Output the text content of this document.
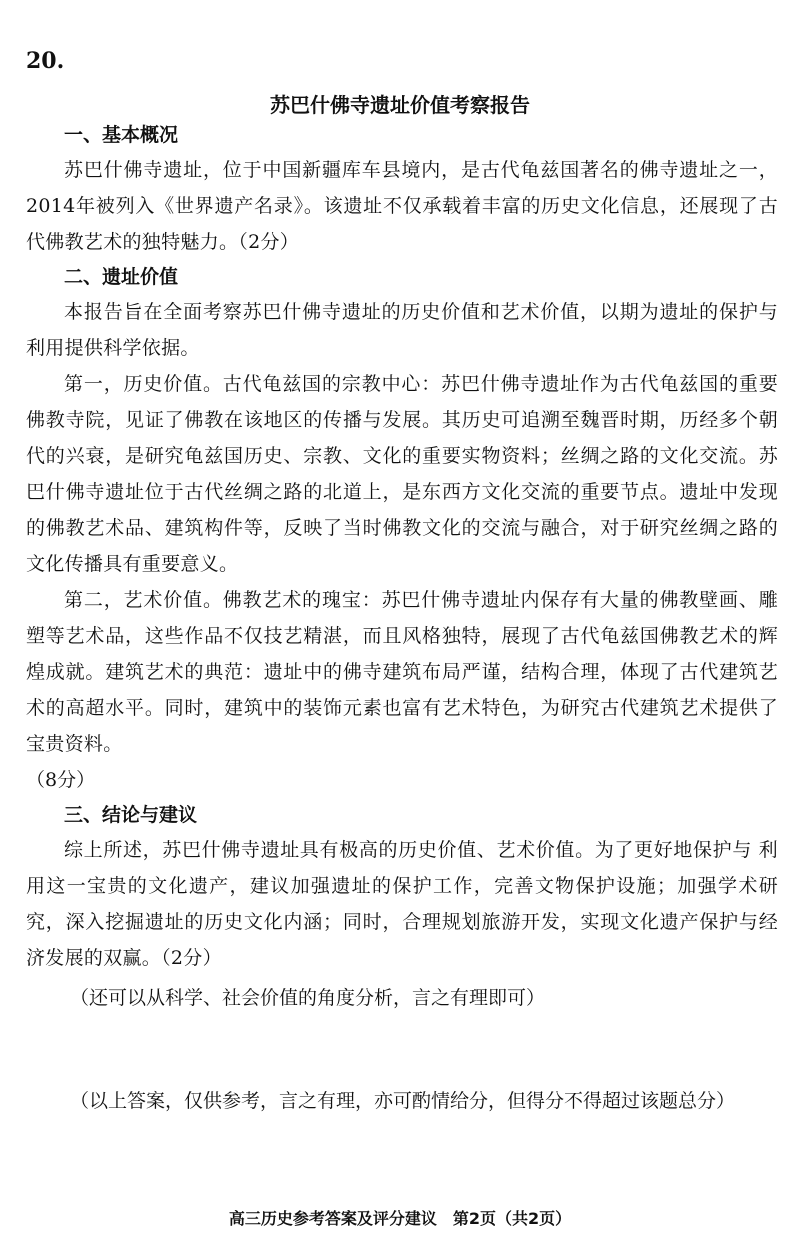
20.
苏巴什佛寺遗址价值考察报告
一、基本概况

苏巴什佛寺遗址，位于中国新疆库车县境内，是古代龟兹国著名的佛寺遗址之一，2014年被列入《世界遗产名录》。该遗址不仅承载着丰富的历史文化信息，还展现了古代佛教艺术的独特魅力。（2分）

二、遗址价值

本报告旨在全面考察苏巴什佛寺遗址的历史价值和艺术价值，以期为遗址的保护与利用提供科学依据。

第一，历史价值。古代龟兹国的宗教中心：苏巴什佛寺遗址作为古代龟兹国的重要佛教寺院，见证了佛教在该地区的传播与发展。其历史可追溯至魏晋时期，历经多个朝代的兴衰，是研究龟兹国历史、宗教、文化的重要实物资料；丝绸之路的文化交流。苏巴什佛寺遗址位于古代丝绸之路的北道上，是东西方文化交流的重要节点。遗址中发现的佛教艺术品、建筑构件等，反映了当时佛教文化的交流与融合，对于研究丝绸之路的文化传播具有重要意义。

第二，艺术价值。佛教艺术的瑰宝：苏巴什佛寺遗址内保存有大量的佛教壁画、雕塑等艺术品，这些作品不仅技艺精湛，而且风格独特，展现了古代龟兹国佛教艺术的辉煌成就。建筑艺术的典范：遗址中的佛寺建筑布局严谨，结构合理，体现了古代建筑艺术的高超水平。同时，建筑中的装饰元素也富有艺术特色，为研究古代建筑艺术提供了宝贵资料。

（8分）

三、结论与建议

综上所述，苏巴什佛寺遗址具有极高的历史价值、艺术价值。为了更好地保护与 利用这一宝贵的文化遗产，建议加强遗址的保护工作，完善文物保护设施；加强学术研究，深入挖掘遗址的历史文化内涵；同时，合理规划旅游开发，实现文化遗产保护与经济发展的双赢。（2分）

（还可以从科学、社会价值的角度分析，言之有理即可）
（以上答案，仅供参考，言之有理，亦可酌情给分，但得分不得超过该题总分）
高三历史参考答案及评分建议　第2页（共2页）
